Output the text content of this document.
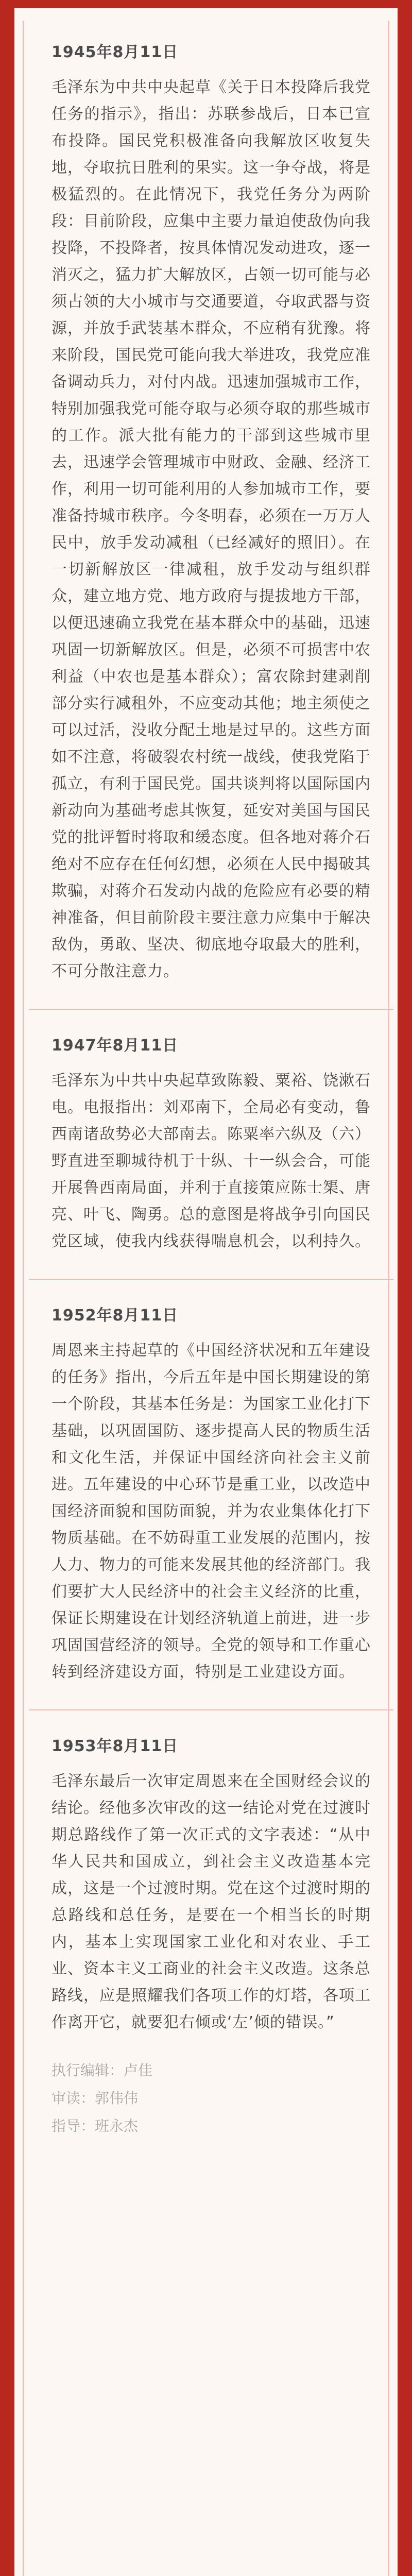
1945年8月11日

毛泽东为中共中央起草《关于日本投降后我党任务的指示》，指出：苏联参战后，日本已宣布投降。国民党积极准备向我解放区收复失地，夺取抗日胜利的果实。这一争夺战，将是极猛烈的。在此情况下，我党任务分为两阶段：目前阶段，应集中主要力量迫使敌伪向我投降，不投降者，按具体情况发动进攻，逐一消灭之，猛力扩大解放区，占领一切可能与必须占领的大小城市与交通要道，夺取武器与资源，并放手武装基本群众，不应稍有犹豫。将来阶段，国民党可能向我大举进攻，我党应准备调动兵力，对付内战。迅速加强城市工作，特别加强我党可能夺取与必须夺取的那些城市的工作。派大批有能力的干部到这些城市里去，迅速学会管理城市中财政、金融、经济工作，利用一切可能利用的人参加城市工作，要准备持城市秩序。今冬明春，必须在一万万人民中，放手发动减租（已经减好的照旧）。在一切新解放区一律减租，放手发动与组织群众，建立地方党、地方政府与提拔地方干部，以便迅速确立我党在基本群众中的基础，迅速巩固一切新解放区。但是，必须不可损害中农利益（中农也是基本群众）；富农除封建剥削部分实行减租外，不应变动其他；地主须使之可以过活，没收分配土地是过早的。这些方面如不注意，将破裂农村统一战线，使我党陷于孤立，有利于国民党。国共谈判将以国际国内新动向为基础考虑其恢复，延安对美国与国民党的批评暂时将取和缓态度。但各地对蒋介石绝对不应存在任何幻想，必须在人民中揭破其欺骗，对蒋介石发动内战的危险应有必要的精神准备，但目前阶段主要注意力应集中于解决敌伪，勇敢、坚决、彻底地夺取最大的胜利，不可分散注意力。

1947年8月11日

毛泽东为中共中央起草致陈毅、粟裕、饶漱石电。电报指出：刘邓南下，全局必有变动，鲁西南诸敌势必大部南去。陈粟率六纵及（六）野直进至聊城待机于十纵、十一纵会合，可能开展鲁西南局面，并利于直接策应陈士榘、唐亮、叶飞、陶勇。总的意图是将战争引向国民党区域，使我内线获得喘息机会，以利持久。

1952年8月11日

周恩来主持起草的《中国经济状况和五年建设的任务》指出，今后五年是中国长期建设的第一个阶段，其基本任务是：为国家工业化打下基础，以巩固国防、逐步提高人民的物质生活和文化生活，并保证中国经济向社会主义前进。五年建设的中心环节是重工业，以改造中国经济面貌和国防面貌，并为农业集体化打下物质基础。在不妨碍重工业发展的范围内，按人力、物力的可能来发展其他的经济部门。我们要扩大人民经济中的社会主义经济的比重，保证长期建设在计划经济轨道上前进，进一步巩固国营经济的领导。全党的领导和工作重心转到经济建设方面，特别是工业建设方面。

1953年8月11日

毛泽东最后一次审定周恩来在全国财经会议的结论。经他多次审改的这一结论对党在过渡时期总路线作了第一次正式的文字表述：“从中华人民共和国成立，到社会主义改造基本完成，这是一个过渡时期。党在这个过渡时期的总路线和总任务，是要在一个相当长的时期内，基本上实现国家工业化和对农业、手工业、资本主义工商业的社会主义改造。这条总路线，应是照耀我们各项工作的灯塔，各项工作离开它，就要犯右倾或‘左’倾的错误。”

执行编辑：卢佳
审读：郭伟伟
指导：班永杰
